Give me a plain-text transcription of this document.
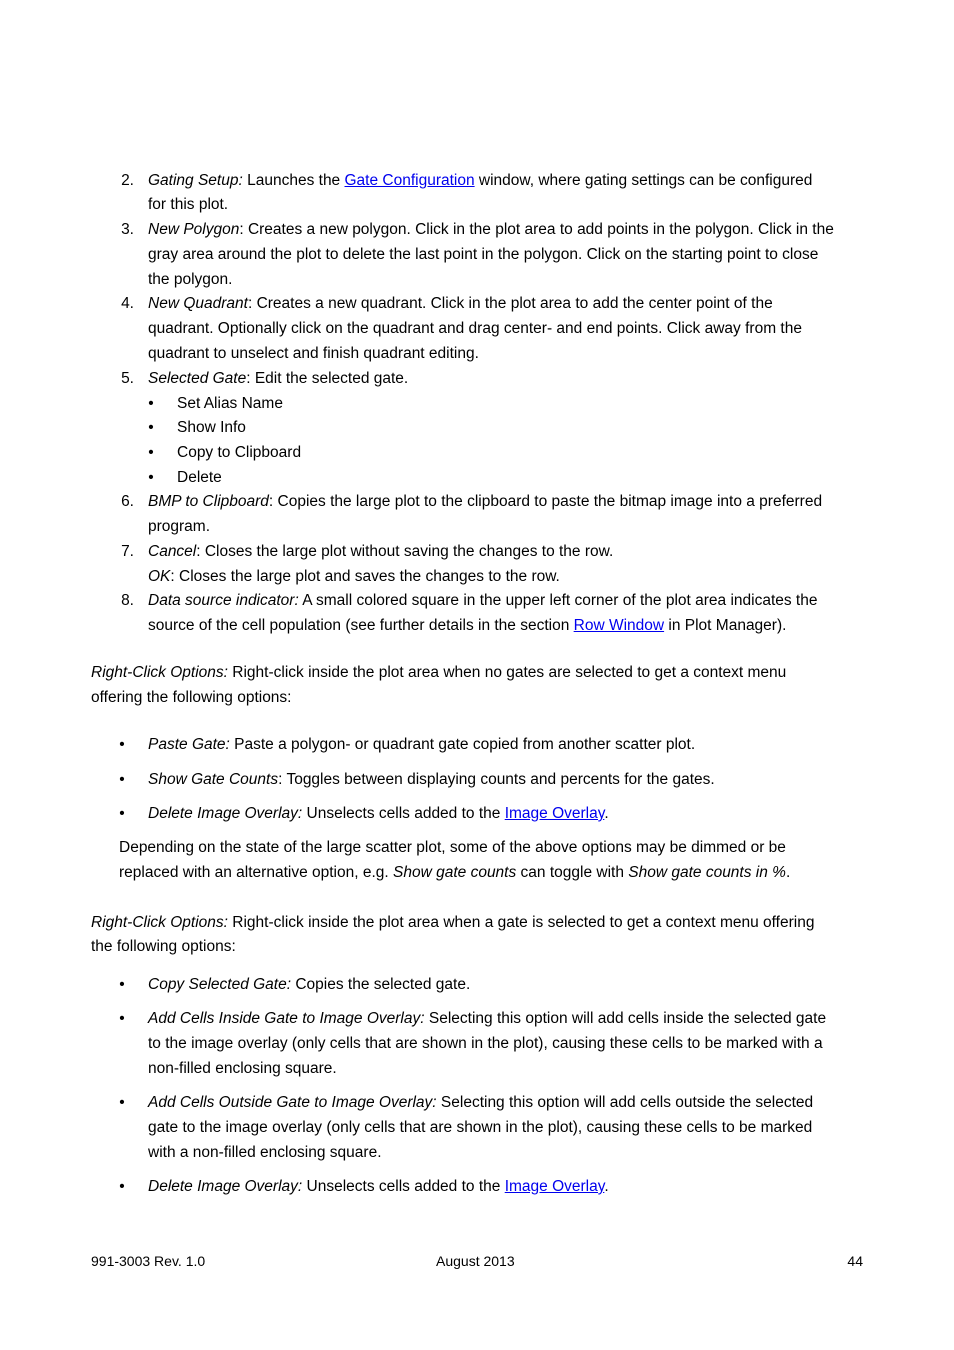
2. Gating Setup: Launches the Gate Configuration window, where gating settings can be configured
for this plot.
3. New Polygon: Creates a new polygon. Click in the plot area to add points in the polygon. Click in the
gray area around the plot to delete the last point in the polygon. Click on the starting point to close
the polygon.
4. New Quadrant: Creates a new quadrant. Click in the plot area to add the center point of the
quadrant. Optionally click on the quadrant and drag center- and end points. Click away from the
quadrant to unselect and finish quadrant editing.
5. Selected Gate: Edit the selected gate.
• Set Alias Name
• Show Info
• Copy to Clipboard
• Delete
6. BMP to Clipboard: Copies the large plot to the clipboard to paste the bitmap image into a preferred
program.
7. Cancel: Closes the large plot without saving the changes to the row.
OK: Closes the large plot and saves the changes to the row.
8. Data source indicator: A small colored square in the upper left corner of the plot area indicates the
source of the cell population (see further details in the section Row Window in Plot Manager).
Right-Click Options: Right-click inside the plot area when no gates are selected to get a context menu
offering the following options:
• Paste Gate: Paste a polygon- or quadrant gate copied from another scatter plot.
• Show Gate Counts: Toggles between displaying counts and percents for the gates.
• Delete Image Overlay: Unselects cells added to the Image Overlay.
Depending on the state of the large scatter plot, some of the above options may be dimmed or be
replaced with an alternative option, e.g. Show gate counts can toggle with Show gate counts in %.
Right-Click Options: Right-click inside the plot area when a gate is selected to get a context menu offering
the following options:
• Copy Selected Gate: Copies the selected gate.
• Add Cells Inside Gate to Image Overlay: Selecting this option will add cells inside the selected gate
to the image overlay (only cells that are shown in the plot), causing these cells to be marked with a
non-filled enclosing square.
• Add Cells Outside Gate to Image Overlay: Selecting this option will add cells outside the selected
gate to the image overlay (only cells that are shown in the plot), causing these cells to be marked
with a non-filled enclosing square.
• Delete Image Overlay: Unselects cells added to the Image Overlay.
991-3003 Rev. 1.0	August 2013	44
